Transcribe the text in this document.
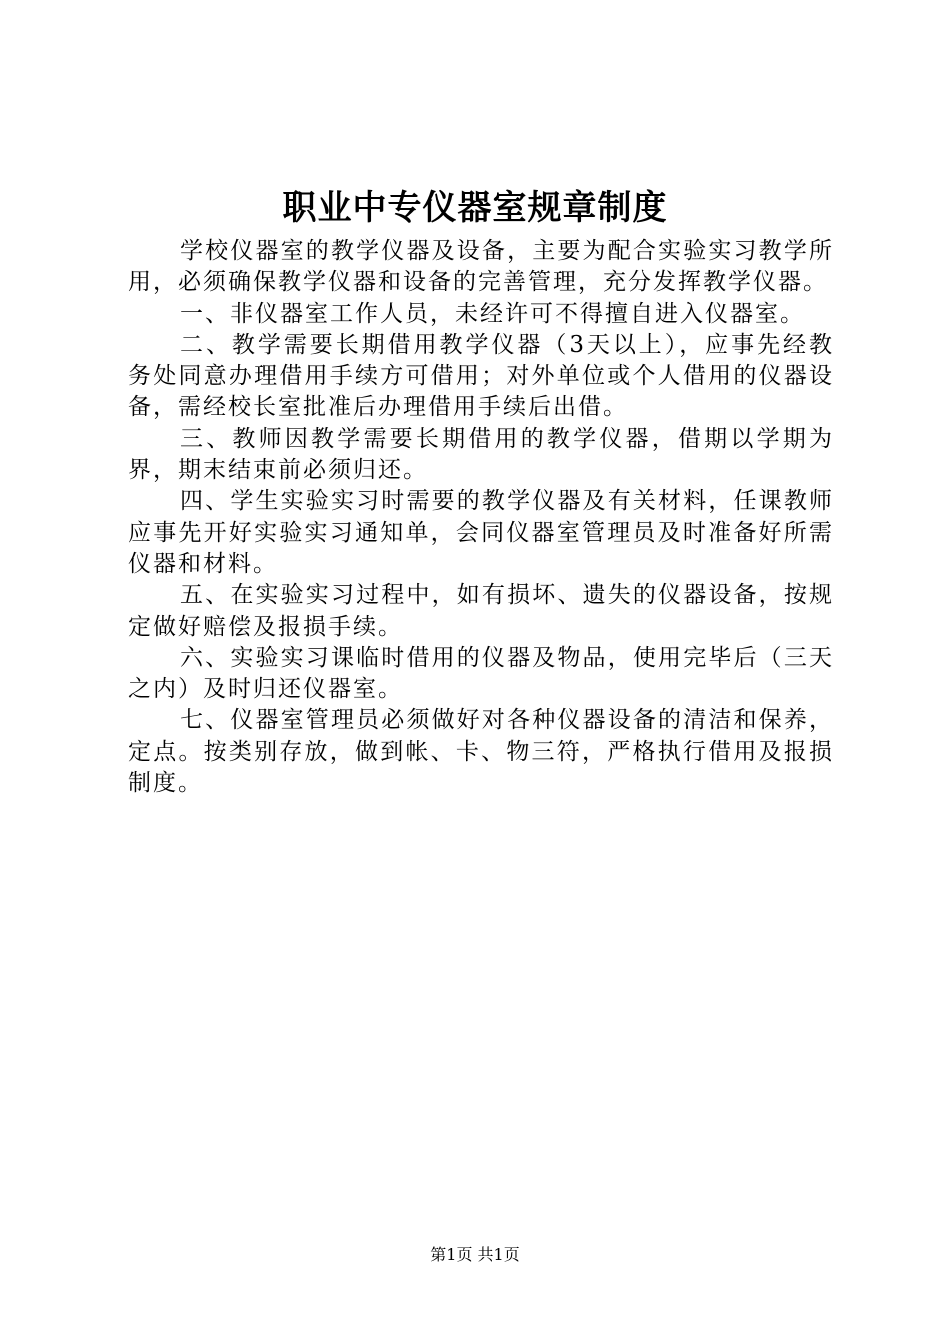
职业中专仪器室规章制度

学校仪器室的教学仪器及设备，主要为配合实验实习教学所用，必须确保教学仪器和设备的完善管理，充分发挥教学仪器。

一、非仪器室工作人员，未经许可不得擅自进入仪器室。

二、教学需要长期借用教学仪器（3天以上），应事先经教务处同意办理借用手续方可借用；对外单位或个人借用的仪器设备，需经校长室批准后办理借用手续后出借。

三、教师因教学需要长期借用的教学仪器，借期以学期为界，期末结束前必须归还。

四、学生实验实习时需要的教学仪器及有关材料，任课教师应事先开好实验实习通知单，会同仪器室管理员及时准备好所需仪器和材料。

五、在实验实习过程中，如有损坏、遗失的仪器设备，按规定做好赔偿及报损手续。

六、实验实习课临时借用的仪器及物品，使用完毕后（三天之内）及时归还仪器室。

七、仪器室管理员必须做好对各种仪器设备的清洁和保养，定点。按类别存放，做到帐、卡、物三符，严格执行借用及报损制度。

第1页 共1页
